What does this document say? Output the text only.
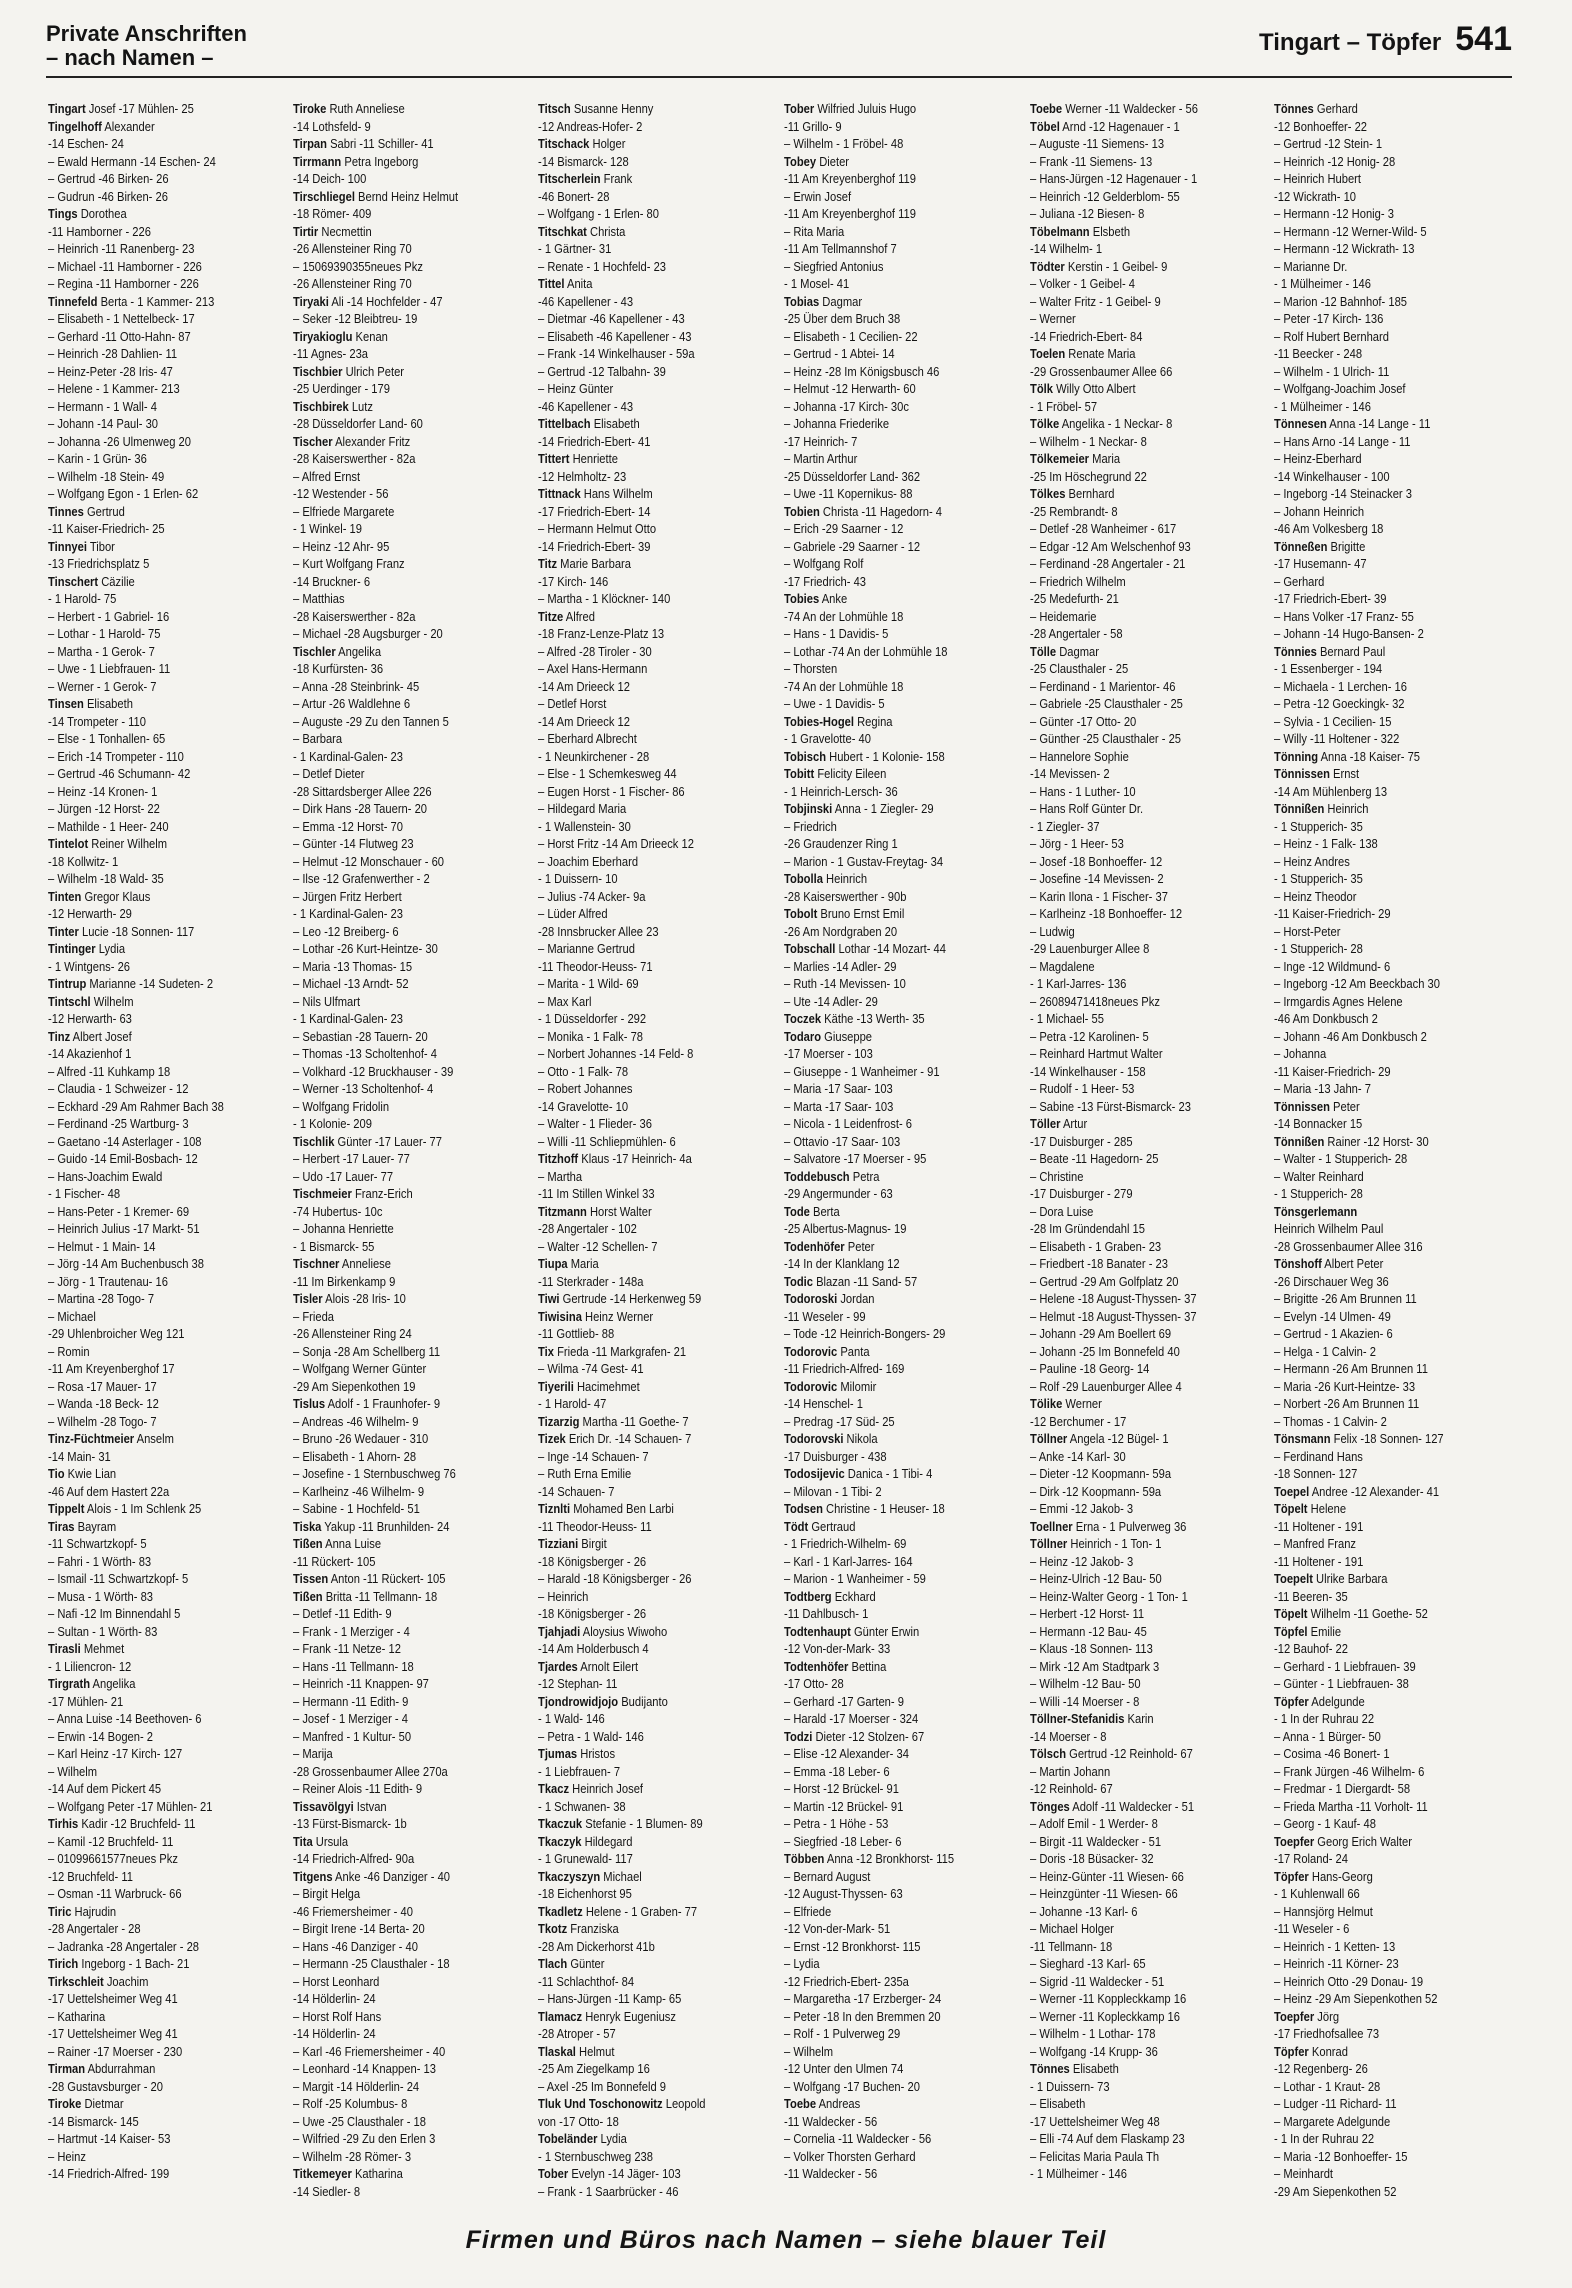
Private Anschriften
– nach Namen –
Tingart – Töpfer 541
Tingart Josef -17 Mühlen- 25
Tingelhoff Alexander
-14 Eschen- 24
– Ewald Hermann -14 Eschen- 24
– Gertrud -46 Birken- 26
– Gudrun -46 Birken- 26
Tings Dorothea
-11 Hamborner - 226
– Heinrich -11 Ranenberg- 23
– Michael -11 Hamborner - 226
– Regina -11 Hamborner - 226
Tinnefeld Berta - 1 Kammer- 213
– Elisabeth - 1 Nettelbeck- 17
– Gerhard -11 Otto-Hahn- 87
– Heinrich -28 Dahlien- 11
– Heinz-Peter -28 Iris- 47
– Helene - 1 Kammer- 213
– Hermann - 1 Wall- 4
– Johann -14 Paul- 30
– Johanna -26 Ulmenweg 20
– Karin - 1 Grün- 36
– Wilhelm -18 Stein- 49
– Wolfgang Egon - 1 Erlen- 62
Tinnes Gertrud
-11 Kaiser-Friedrich- 25
Tinnyei Tibor
-13 Friedrichsplatz 5
Tinschert Cäzilie
- 1 Harold- 75
– Herbert - 1 Gabriel- 16
– Lothar - 1 Harold- 75
– Martha - 1 Gerok- 7
– Uwe - 1 Liebfrauen- 11
– Werner - 1 Gerok- 7
Tinsen Elisabeth
-14 Trompeter - 110
– Else - 1 Tonhallen- 65
– Erich -14 Trompeter - 110
– Gertrud -46 Schumann- 42
– Heinz -14 Kronen- 1
– Jürgen -12 Horst- 22
– Mathilde - 1 Heer- 240
Tintelot Reiner Wilhelm
-18 Kollwitz- 1
– Wilhelm -18 Wald- 35
Tinten Gregor Klaus
-12 Herwarth- 29
Tinter Lucie -18 Sonnen- 117
Tintinger Lydia
- 1 Wintgens- 26
Tintrup Marianne -14 Sudeten- 2
Tintschl Wilhelm
-12 Herwarth- 63
Tinz Albert Josef
-14 Akazienhof 1
– Alfred -11 Kuhkamp 18
– Claudia - 1 Schweizer - 12
– Eckhard -29 Am Rahmer Bach 38
– Ferdinand -25 Wartburg- 3
– Gaetano -14 Asterlager - 108
– Guido -14 Emil-Bosbach- 12
– Hans-Joachim Ewald
- 1 Fischer- 48
– Hans-Peter - 1 Kremer- 69
– Heinrich Julius -17 Markt- 51
– Helmut - 1 Main- 14
– Jörg -14 Am Buchenbusch 38
– Jörg - 1 Trautenau- 16
– Martina -28 Togo- 7
– Michael
-29 Uhlenbroicher Weg 121
– Romin
-11 Am Kreyenberghof 17
– Rosa -17 Mauer- 17
– Wanda -18 Beck- 12
– Wilhelm -28 Togo- 7
Tinz-Füchtmeier Anselm
-14 Main- 31
Tio Kwie Lian
-46 Auf dem Hastert 22a
Tippelt Alois - 1 Im Schlenk 25
Tiras Bayram
-11 Schwartzkopf- 5
– Fahri - 1 Wörth- 83
– Ismail -11 Schwartzkopf- 5
– Musa - 1 Wörth- 83
– Nafi -12 Im Binnendahl 5
– Sultan - 1 Wörth- 83
Tirasli Mehmet
- 1 Liliencron- 12
Tirgrath Angelika
-17 Mühlen- 21
– Anna Luise -14 Beethoven- 6
– Erwin -14 Bogen- 2
– Karl Heinz -17 Kirch- 127
– Wilhelm
-14 Auf dem Pickert 45
– Wolfgang Peter -17 Mühlen- 21
Tirhis Kadir -12 Bruchfeld- 11
– Kamil -12 Bruchfeld- 11
– 01099661577neues Pkz
-12 Bruchfeld- 11
– Osman -11 Warbruck- 66
Tiric Hajrudin
-28 Angertaler - 28
– Jadranka -28 Angertaler - 28
Tirich Ingeborg - 1 Bach- 21
Tirkschleit Joachim
-17 Uettelsheimer Weg 41
– Katharina
-17 Uettelsheimer Weg 41
– Rainer -17 Moerser - 230
Tirman Abdurrahman
-28 Gustavsburger - 20
Tiroke Dietmar
-14 Bismarck- 145
– Hartmut -14 Kaiser- 53
– Heinz
-14 Friedrich-Alfred- 199
Tiroke Ruth Anneliese
-14 Lothsfeld- 9
Tirpan Sabri -11 Schiller- 41
Tirrmann Petra Ingeborg
-14 Deich- 100
Tirschliegel Bernd Heinz Helmut
-18 Römer- 409
Tirtir Necmettin
-26 Allensteiner Ring 70
– 15069390355neues Pkz
-26 Allensteiner Ring 70
Tiryaki Ali -14 Hochfelder - 47
– Seker -12 Bleibtreu- 19
Tiryakioglu Kenan
-11 Agnes- 23a
Tischbier Ulrich Peter
-25 Uerdinger - 179
Tischbirek Lutz
-28 Düsseldorfer Land- 60
Tischer Alexander Fritz
-28 Kaiserswerther - 82a
– Alfred Ernst
-12 Westender - 56
– Elfriede Margarete
- 1 Winkel- 19
– Heinz -12 Ahr- 95
– Kurt Wolfgang Franz
-14 Bruckner- 6
– Matthias
-28 Kaiserswerther - 82a
– Michael -28 Augsburger - 20
Tischler Angelika
-18 Kurfürsten- 36
– Anna -28 Steinbrink- 45
– Artur -26 Waldlehne 6
– Auguste -29 Zu den Tannen 5
– Barbara
- 1 Kardinal-Galen- 23
– Detlef Dieter
-28 Sittardsberger Allee 226
– Dirk Hans -28 Tauern- 20
– Emma -12 Horst- 70
– Günter -14 Flutweg 23
– Helmut -12 Monschauer - 60
– Ilse -12 Grafenwerther - 2
– Jürgen Fritz Herbert
- 1 Kardinal-Galen- 23
– Leo -12 Breiberg- 6
– Lothar -26 Kurt-Heintze- 30
– Maria -13 Thomas- 15
– Michael -13 Arndt- 52
– Nils Ulfmart
- 1 Kardinal-Galen- 23
– Sebastian -28 Tauern- 20
– Thomas -13 Scholtenhof- 4
– Volkhard -12 Bruckhauser - 39
– Werner -13 Scholtenhof- 4
– Wolfgang Fridolin
- 1 Kolonie- 209
Tischlik Günter -17 Lauer- 77
– Herbert -17 Lauer- 77
– Udo -17 Lauer- 77
Tischmeier Franz-Erich
-74 Hubertus- 10c
– Johanna Henriette
- 1 Bismarck- 55
Tischner Anneliese
-11 Im Birkenkamp 9
Tisler Alois -28 Iris- 10
– Frieda
-26 Allensteiner Ring 24
– Sonja -28 Am Schellberg 11
– Wolfgang Werner Günter
-29 Am Siepenkothen 19
Tislus Adolf - 1 Fraunhofer- 9
– Andreas -46 Wilhelm- 9
– Bruno -26 Wedauer - 310
– Elisabeth - 1 Ahorn- 28
– Josefine - 1 Sternbuschweg 76
– Karlheinz -46 Wilhelm- 9
– Sabine - 1 Hochfeld- 51
Tiska Yakup -11 Brunhilden- 24
Tißen Anna Luise
-11 Rückert- 105
Tissen Anton -11 Rückert- 105
Tißen Britta -11 Tellmann- 18
– Detlef -11 Edith- 9
– Frank - 1 Merziger - 4
– Frank -11 Netze- 12
– Hans -11 Tellmann- 18
– Heinrich -11 Knappen- 97
– Hermann -11 Edith- 9
– Josef - 1 Merziger - 4
– Manfred - 1 Kultur- 50
– Marija
-28 Grossenbaumer Allee 270a
– Reiner Alois -11 Edith- 9
Tissavölgyi Istvan
-13 Fürst-Bismarck- 1b
Tita Ursula
-14 Friedrich-Alfred- 90a
Titgens Anke -46 Danziger - 40
– Birgit Helga
-46 Friemersheimer - 40
– Birgit Irene -14 Berta- 20
– Hans -46 Danziger - 40
– Hermann -25 Clausthaler - 18
– Horst Leonhard
-14 Hölderlin- 24
– Horst Rolf Hans
-14 Hölderlin- 24
– Karl -46 Friemersheimer - 40
– Leonhard -14 Knappen- 13
– Margit -14 Hölderlin- 24
– Rolf -25 Kolumbus- 8
– Uwe -25 Clausthaler - 18
– Wilfried -29 Zu den Erlen 3
– Wilhelm -28 Römer- 3
Titkemeyer Katharina
-14 Siedler- 8
Titsch Susanne Henny
-12 Andreas-Hofer- 2
Titschack Holger
-14 Bismarck- 128
Titscherlein Frank
-46 Bonert- 28
– Wolfgang - 1 Erlen- 80
Titschkat Christa
- 1 Gärtner- 31
– Renate - 1 Hochfeld- 23
Tittel Anita
-46 Kapellener - 43
– Dietmar -46 Kapellener - 43
– Elisabeth -46 Kapellener - 43
– Frank -14 Winkelhauser - 59a
– Gertrud -12 Talbahn- 39
– Heinz Günter
-46 Kapellener - 43
Tittelbach Elisabeth
-14 Friedrich-Ebert- 41
Tittert Henriette
-12 Helmholtz- 23
Tittnack Hans Wilhelm
-17 Friedrich-Ebert- 14
– Hermann Helmut Otto
-14 Friedrich-Ebert- 39
Titz Marie Barbara
-17 Kirch- 146
– Martha - 1 Klöckner- 140
Titze Alfred
-18 Franz-Lenze-Platz 13
– Alfred -28 Tiroler - 30
– Axel Hans-Hermann
-14 Am Drieeck 12
– Detlef Horst
-14 Am Drieeck 12
– Eberhard Albrecht
- 1 Neunkirchener - 28
– Else - 1 Schemkesweg 44
– Eugen Horst - 1 Fischer- 86
– Hildegard Maria
- 1 Wallenstein- 30
– Horst Fritz -14 Am Drieeck 12
– Joachim Eberhard
- 1 Duissern- 10
– Julius -74 Acker- 9a
– Lüder Alfred
-28 Innsbrucker Allee 23
– Marianne Gertrud
-11 Theodor-Heuss- 71
– Marita - 1 Wild- 69
– Max Karl
- 1 Düsseldorfer - 292
– Monika - 1 Falk- 78
– Norbert Johannes -14 Feld- 8
– Otto - 1 Falk- 78
– Robert Johannes
-14 Gravelotte- 10
– Walter - 1 Flieder- 36
– Willi -11 Schliepmühlen- 6
Titzhoff Klaus -17 Heinrich- 4a
– Martha
-11 Im Stillen Winkel 33
Titzmann Horst Walter
-28 Angertaler - 102
– Walter -12 Schellen- 7
Tiupa Maria
-11 Sterkrader - 148a
Tiwi Gertrude -14 Herkenweg 59
Tiwisina Heinz Werner
-11 Gottlieb- 88
Tix Frieda -11 Markgrafen- 21
– Wilma -74 Gest- 41
Tiyerili Hacimehmet
- 1 Harold- 47
Tizarzig Martha -11 Goethe- 7
Tizek Erich Dr. -14 Schauen- 7
– Inge -14 Schauen- 7
– Ruth Erna Emilie
-14 Schauen- 7
Tiznlti Mohamed Ben Larbi
-11 Theodor-Heuss- 11
Tizziani Birgit
-18 Königsberger - 26
– Harald -18 Königsberger - 26
– Heinrich
-18 Königsberger - 26
Tjahjadi Aloysius Wiwoho
-14 Am Holderbusch 4
Tjardes Arnolt Eilert
-12 Stephan- 11
Tjondrowidjojo Budijanto
- 1 Wald- 146
– Petra - 1 Wald- 146
Tjumas Hristos
- 1 Liebfrauen- 7
Tkacz Heinrich Josef
- 1 Schwanen- 38
Tkaczuk Stefanie - 1 Blumen- 89
Tkaczyk Hildegard
- 1 Grunewald- 117
Tkaczyszyn Michael
-18 Eichenhorst 95
Tkadletz Helene - 1 Graben- 77
Tkotz Franziska
-28 Am Dickerhorst 41b
Tlach Günter
-11 Schlachthof- 84
– Hans-Jürgen -11 Kamp- 65
Tlamacz Henryk Eugeniusz
-28 Atroper - 57
Tlaskal Helmut
-25 Am Ziegelkamp 16
– Axel -25 Im Bonnefeld 9
Tluk Und Toschonowitz Leopold
von -17 Otto- 18
Tobeländer Lydia
- 1 Sternbuschweg 238
Tober Evelyn -14 Jäger- 103
– Frank - 1 Saarbrücker - 46
Tober Wilfried Juluis Hugo
-11 Grillo- 9
– Wilhelm - 1 Fröbel- 48
Tobey Dieter
-11 Am Kreyenberghof 119
– Erwin Josef
-11 Am Kreyenberghof 119
– Rita Maria
-11 Am Tellmannshof 7
– Siegfried Antonius
- 1 Mosel- 41
Tobias Dagmar
-25 Über dem Bruch 38
– Elisabeth - 1 Cecilien- 22
– Gertrud - 1 Abtei- 14
– Heinz -28 Im Königsbusch 46
– Helmut -12 Herwarth- 60
– Johanna -17 Kirch- 30c
– Johanna Friederike
-17 Heinrich- 7
– Martin Arthur
-25 Düsseldorfer Land- 362
– Uwe -11 Kopernikus- 88
Tobien Christa -11 Hagedorn- 4
– Erich -29 Saarner - 12
– Gabriele -29 Saarner - 12
– Wolfgang Rolf
-17 Friedrich- 43
Tobies Anke
-74 An der Lohmühle 18
– Hans - 1 Davidis- 5
– Lothar -74 An der Lohmühle 18
– Thorsten
-74 An der Lohmühle 18
– Uwe - 1 Davidis- 5
Tobies-Hogel Regina
- 1 Gravelotte- 40
Tobisch Hubert - 1 Kolonie- 158
Tobitt Felicity Eileen
- 1 Heinrich-Lersch- 36
Tobjinski Anna - 1 Ziegler- 29
– Friedrich
-26 Graudenzer Ring 1
– Marion - 1 Gustav-Freytag- 34
Tobolla Heinrich
-28 Kaiserswerther - 90b
Tobolt Bruno Ernst Emil
-26 Am Nordgraben 20
Tobschall Lothar -14 Mozart- 44
– Marlies -14 Adler- 29
– Ruth -14 Mevissen- 10
– Ute -14 Adler- 29
Toczek Käthe -13 Werth- 35
Todaro Giuseppe
-17 Moerser - 103
– Giuseppe - 1 Wanheimer - 91
– Maria -17 Saar- 103
– Marta -17 Saar- 103
– Nicola - 1 Leidenfrost- 6
– Ottavio -17 Saar- 103
– Salvatore -17 Moerser - 95
Toddebusch Petra
-29 Angermunder - 63
Tode Berta
-25 Albertus-Magnus- 19
Todenhöfer Peter
-14 In der Klanklang 12
Todic Blazan -11 Sand- 57
Todoroski Jordan
-11 Weseler - 99
– Tode -12 Heinrich-Bongers- 29
Todorovic Panta
-11 Friedrich-Alfred- 169
Todorovic Milomir
-14 Henschel- 1
– Predrag -17 Süd- 25
Todorovski Nikola
-17 Duisburger - 438
Todosijevic Danica - 1 Tibi- 4
– Milovan - 1 Tibi- 2
Todsen Christine - 1 Heuser- 18
Tödt Gertraud
- 1 Friedrich-Wilhelm- 69
– Karl - 1 Karl-Jarres- 164
– Marion - 1 Wanheimer - 59
Todtberg Eckhard
-11 Dahlbusch- 1
Todtenhaupt Günter Erwin
-12 Von-der-Mark- 33
Todtenhöfer Bettina
-17 Otto- 28
– Gerhard -17 Garten- 9
– Harald -17 Moerser - 324
Todzi Dieter -12 Stolzen- 67
– Elise -12 Alexander- 34
– Emma -18 Leber- 6
– Horst -12 Brückel- 91
– Martin -12 Brückel- 91
– Petra - 1 Höhe - 53
– Siegfried -18 Leber- 6
Többen Anna -12 Bronkhorst- 115
– Bernard August
-12 August-Thyssen- 63
– Elfriede
-12 Von-der-Mark- 51
– Ernst -12 Bronkhorst- 115
– Lydia
-12 Friedrich-Ebert- 235a
– Margaretha -17 Erzberger- 24
– Peter -18 In den Bremmen 20
– Rolf - 1 Pulverweg 29
– Wilhelm
-12 Unter den Ulmen 74
– Wolfgang -17 Buchen- 20
Toebe Andreas
-11 Waldecker - 56
– Cornelia -11 Waldecker - 56
– Volker Thorsten Gerhard
-11 Waldecker - 56
Toebe Werner -11 Waldecker - 56
Töbel Arnd -12 Hagenauer - 1
– Auguste -11 Siemens- 13
– Frank -11 Siemens- 13
– Hans-Jürgen -12 Hagenauer - 1
– Heinrich -12 Gelderblom- 55
– Juliana -12 Biesen- 8
Töbelmann Elsbeth
-14 Wilhelm- 1
Tödter Kerstin - 1 Geibel- 9
– Volker - 1 Geibel- 4
– Walter Fritz - 1 Geibel- 9
– Werner
-14 Friedrich-Ebert- 84
Toelen Renate Maria
-29 Grossenbaumer Allee 66
Tölk Willy Otto Albert
- 1 Fröbel- 57
Tölke Angelika - 1 Neckar- 8
– Wilhelm - 1 Neckar- 8
Tölkemeier Maria
-25 Im Höschegrund 22
Tölkes Bernhard
-25 Rembrandt- 8
– Detlef -28 Wanheimer - 617
– Edgar -12 Am Welschenhof 93
– Ferdinand -28 Angertaler - 21
– Friedrich Wilhelm
-25 Medefurth- 21
– Heidemarie
-28 Angertaler - 58
Tölle Dagmar
-25 Clausthaler - 25
– Ferdinand - 1 Marientor- 46
– Gabriele -25 Clausthaler - 25
– Günter -17 Otto- 20
– Günther -25 Clausthaler - 25
– Hannelore Sophie
-14 Mevissen- 2
– Hans - 1 Luther- 10
– Hans Rolf Günter Dr.
- 1 Ziegler- 37
– Jörg - 1 Heer- 53
– Josef -18 Bonhoeffer- 12
– Josefine -14 Mevissen- 2
– Karin Ilona - 1 Fischer- 37
– Karlheinz -18 Bonhoeffer- 12
– Ludwig
-29 Lauenburger Allee 8
– Magdalene
- 1 Karl-Jarres- 136
– 26089471418neues Pkz
- 1 Michael- 55
– Petra -12 Karolinen- 5
– Reinhard Hartmut Walter
-14 Winkelhauser - 158
– Rudolf - 1 Heer- 53
– Sabine -13 Fürst-Bismarck- 23
Töller Artur
-17 Duisburger - 285
– Beate -11 Hagedorn- 25
– Christine
-17 Duisburger - 279
– Dora Luise
-28 Im Gründendahl 15
– Elisabeth - 1 Graben- 23
– Friedbert -18 Banater - 23
– Gertrud -29 Am Golfplatz 20
– Helene -18 August-Thyssen- 37
– Helmut -18 August-Thyssen- 37
– Johann -29 Am Boellert 69
– Johann -25 Im Bonnefeld 40
– Pauline -18 Georg- 14
– Rolf -29 Lauenburger Allee 4
Tölike Werner
-12 Berchumer - 17
Töllner Angela -12 Bügel- 1
– Anke -14 Karl- 30
– Dieter -12 Koopmann- 59a
– Dirk -12 Koopmann- 59a
– Emmi -12 Jakob- 3
Toellner Erna - 1 Pulverweg 36
Töllner Heinrich - 1 Ton- 1
– Heinz -12 Jakob- 3
– Heinz-Ulrich -12 Bau- 50
– Heinz-Walter Georg - 1 Ton- 1
– Herbert -12 Horst- 11
– Hermann -12 Bau- 45
– Klaus -18 Sonnen- 113
– Mirk -12 Am Stadtpark 3
– Wilhelm -12 Bau- 50
– Willi -14 Moerser - 8
Töllner-Stefanidis Karin
-14 Moerser - 8
Tölsch Gertrud -12 Reinhold- 67
– Martin Johann
-12 Reinhold- 67
Tönges Adolf -11 Waldecker - 51
– Adolf Emil - 1 Werder- 8
– Birgit -11 Waldecker - 51
– Doris -18 Büsacker- 32
– Heinz-Günter -11 Wiesen- 66
– Heinzgünter -11 Wiesen- 66
– Johanne -13 Karl- 6
– Michael Holger
-11 Tellmann- 18
– Sieghard -13 Karl- 65
– Sigrid -11 Waldecker - 51
– Werner -11 Koppleckkamp 16
– Werner -11 Kopleckkamp 16
– Wilhelm - 1 Lothar- 178
– Wolfgang -14 Krupp- 36
Tönnes Elisabeth
- 1 Duissern- 73
– Elisabeth
-17 Uettelsheimer Weg 48
– Elli -74 Auf dem Flaskamp 23
– Felicitas Maria Paula Th
- 1 Mülheimer - 146
Tönnes Gerhard
-12 Bonhoeffer- 22
– Gertrud -12 Stein- 1
– Heinrich -12 Honig- 28
– Heinrich Hubert
-12 Wickrath- 10
– Hermann -12 Honig- 3
– Hermann -12 Werner-Wild- 5
– Hermann -12 Wickrath- 13
– Marianne Dr.
- 1 Mülheimer - 146
– Marion -12 Bahnhof- 185
– Peter -17 Kirch- 136
– Rolf Hubert Bernhard
-11 Beecker - 248
– Wilhelm - 1 Ulrich- 11
– Wolfgang-Joachim Josef
- 1 Mülheimer - 146
Tönnesen Anna -14 Lange - 11
– Hans Arno -14 Lange - 11
– Heinz-Eberhard
-14 Winkelhauser - 100
– Ingeborg -14 Steinacker 3
– Johann Heinrich
-46 Am Volkesberg 18
Tönneßen Brigitte
-17 Husemann- 47
– Gerhard
-17 Friedrich-Ebert- 39
– Hans Volker -17 Franz- 55
– Johann -14 Hugo-Bansen- 2
Tönnies Bernard Paul
- 1 Essenberger - 194
– Michaela - 1 Lerchen- 16
– Petra -12 Goeckingk- 32
– Sylvia - 1 Cecilien- 15
– Willy -11 Holtener - 322
Tönning Anna -18 Kaiser- 75
Tönnissen Ernst
-14 Am Mühlenberg 13
Tönnißen Heinrich
- 1 Stupperich- 35
– Heinz - 1 Falk- 138
– Heinz Andres
- 1 Stupperich- 35
– Heinz Theodor
-11 Kaiser-Friedrich- 29
– Horst-Peter
- 1 Stupperich- 28
– Inge -12 Wildmund- 6
– Ingeborg -12 Am Beeckbach 30
– Irmgardis Agnes Helene
-46 Am Donkbusch 2
– Johann -46 Am Donkbusch 2
– Johanna
-11 Kaiser-Friedrich- 29
– Maria -13 Jahn- 7
Tönnissen Peter
-14 Bonnacker 15
Tönnißen Rainer -12 Horst- 30
– Walter - 1 Stupperich- 28
– Walter Reinhard
- 1 Stupperich- 28
Tönsgerlemann
Heinrich Wilhelm Paul
-28 Grossenbaumer Allee 316
Tönshoff Albert Peter
-26 Dirschauer Weg 36
– Brigitte -26 Am Brunnen 11
– Evelyn -14 Ulmen- 49
– Gertrud - 1 Akazien- 6
– Helga - 1 Calvin- 2
– Hermann -26 Am Brunnen 11
– Maria -26 Kurt-Heintze- 33
– Norbert -26 Am Brunnen 11
– Thomas - 1 Calvin- 2
Tönsmann Felix -18 Sonnen- 127
– Ferdinand Hans
-18 Sonnen- 127
Toepel Andree -12 Alexander- 41
Töpelt Helene
-11 Holtener - 191
– Manfred Franz
-11 Holtener - 191
Toepelt Ulrike Barbara
-11 Beeren- 35
Töpelt Wilhelm -11 Goethe- 52
Töpfel Emilie
-12 Bauhof- 22
– Gerhard - 1 Liebfrauen- 39
– Günter - 1 Liebfrauen- 38
Töpfer Adelgunde
- 1 In der Ruhrau 22
– Anna - 1 Bürger- 50
– Cosima -46 Bonert- 1
– Frank Jürgen -46 Wilhelm- 6
– Fredmar - 1 Diergardt- 58
– Frieda Martha -11 Vorholt- 11
– Georg - 1 Kauf- 48
Toepfer Georg Erich Walter
-17 Roland- 24
Töpfer Hans-Georg
- 1 Kuhlenwall 66
– Hannsjörg Helmut
-11 Weseler - 6
– Heinrich - 1 Ketten- 13
– Heinrich -11 Körner- 23
– Heinrich Otto -29 Donau- 19
– Heinz -29 Am Siepenkothen 52
Toepfer Jörg
-17 Friedhofsallee 73
Töpfer Konrad
-12 Regenberg- 26
– Lothar - 1 Kraut- 28
– Ludger -11 Richard- 11
– Margarete Adelgunde
- 1 In der Ruhrau 22
– Maria -12 Bonhoeffer- 15
– Meinhardt
-29 Am Siepenkothen 52
Firmen und Büros nach Namen – siehe blauer Teil
